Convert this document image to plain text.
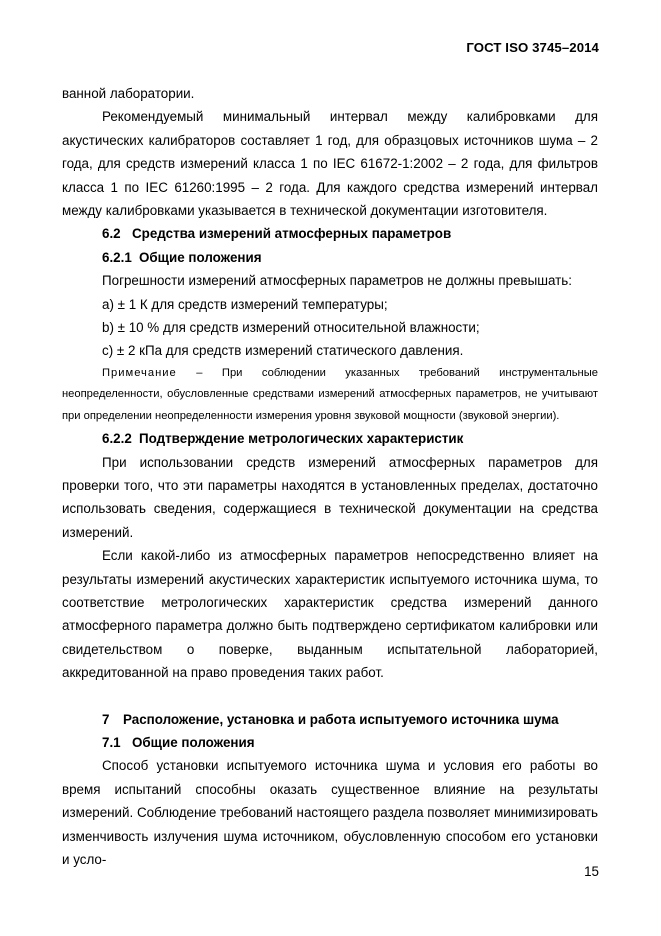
ГОСТ ISO 3745–2014

ванной лаборатории.

Рекомендуемый минимальный интервал между калибровками для акустических калибраторов составляет 1 год, для образцовых источников шума – 2 года, для средств измерений класса 1 по IEC 61672-1:2002 – 2 года, для фильтров класса 1 по IEC 61260:1995 – 2 года. Для каждого средства измерений интервал между калибровками указывается в технической документации изготовителя.

6.2 Средства измерений атмосферных параметров
6.2.1 Общие положения

Погрешности измерений атмосферных параметров не должны превышать:

a) ± 1 К для средств измерений температуры;

b) ± 10 % для средств измерений относительной влажности;

c) ± 2 кПа для средств измерений статического давления.

Примечание – При соблюдении указанных требований инструментальные неопределенности, обусловленные средствами измерений атмосферных параметров, не учитывают при определении неопределенности измерения уровня звуковой мощности (звуковой энергии).

6.2.2 Подтверждение метрологических характеристик

При использовании средств измерений атмосферных параметров для проверки того, что эти параметры находятся в установленных пределах, достаточно использовать сведения, содержащиеся в технической документации на средства измерений.

Если какой-либо из атмосферных параметров непосредственно влияет на результаты измерений акустических характеристик испытуемого источника шума, то соответствие метрологических характеристик средства измерений данного атмосферного параметра должно быть подтверждено сертификатом калибровки или свидетельством о поверке, выданным испытательной лабораторией, аккредитованной на право проведения таких работ.

7 Расположение, установка и работа испытуемого источника шума
7.1 Общие положения

Способ установки испытуемого источника шума и условия его работы во время испытаний способны оказать существенное влияние на результаты измерений. Соблюдение требований настоящего раздела позволяет минимизировать изменчивость излучения шума источником, обусловленную способом его установки и усло-

15
